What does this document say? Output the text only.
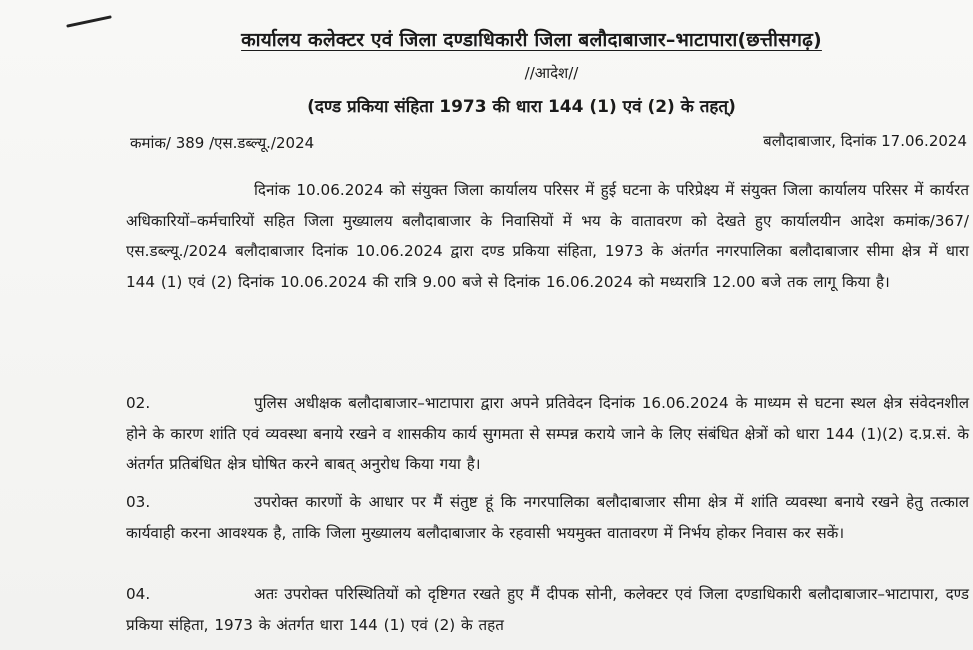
कार्यालय कलेक्टर एवं जिला दण्डाधिकारी जिला बलौदाबाजार–भाटापारा(छत्तीसगढ़)
//आदेश//
(दण्ड प्रकिया संहिता 1973 की धारा 144 (1) एवं (2) के तहत्)
कमांक/ 389 /एस.डब्ल्यू./2024	बलौदाबाजार, दिनांक 17.06.2024
दिनांक 10.06.2024 को संयुक्त जिला कार्यालय परिसर में हुई घटना के परिप्रेक्ष्य में संयुक्त जिला कार्यालय परिसर में कार्यरत अधिकारियों–कर्मचारियों सहित जिला मुख्यालय बलौदाबाजार के निवासियों में भय के वातावरण को देखते हुए कार्यालयीन आदेश कमांक/367/एस.डब्ल्यू./2024 बलौदाबाजार दिनांक 10.06.2024 द्वारा दण्ड प्रकिया संहिता, 1973 के अंतर्गत नगरपालिका बलौदाबाजार सीमा क्षेत्र में धारा 144 (1) एवं (2) दिनांक 10.06.2024 की रात्रि 9.00 बजे से दिनांक 16.06.2024 को मध्यरात्रि 12.00 बजे तक लागू किया है।
02.	पुलिस अधीक्षक बलौदाबाजार–भाटापारा द्वारा अपने प्रतिवेदन दिनांक 16.06.2024 के माध्यम से घटना स्थल क्षेत्र संवेदनशील होने के कारण शांति एवं व्यवस्था बनाये रखने व शासकीय कार्य सुगमता से सम्पन्न कराये जाने के लिए संबंधित क्षेत्रों को धारा 144 (1)(2) द.प्र.सं. के अंतर्गत प्रतिबंधित क्षेत्र घोषित करने बाबत् अनुरोध किया गया है।
03.	उपरोक्त कारणों के आधार पर मैं संतुष्ट हूं कि नगरपालिका बलौदाबाजार सीमा क्षेत्र में शांति व्यवस्था बनाये रखने हेतु तत्काल कार्यवाही करना आवश्यक है, ताकि जिला मुख्यालय बलौदाबाजार के रहवासी भयमुक्त वातावरण में निर्भय होकर निवास कर सकें।
04.	अतः उपरोक्त परिस्थितियों को दृष्टिगत रखते हुए मैं दीपक सोनी, कलेक्टर एवं जिला दण्डाधिकारी बलौदाबाजार–भाटापारा, दण्ड प्रकिया संहिता, 1973 के अंतर्गत धारा 144 (1) एवं (2) के तहत
